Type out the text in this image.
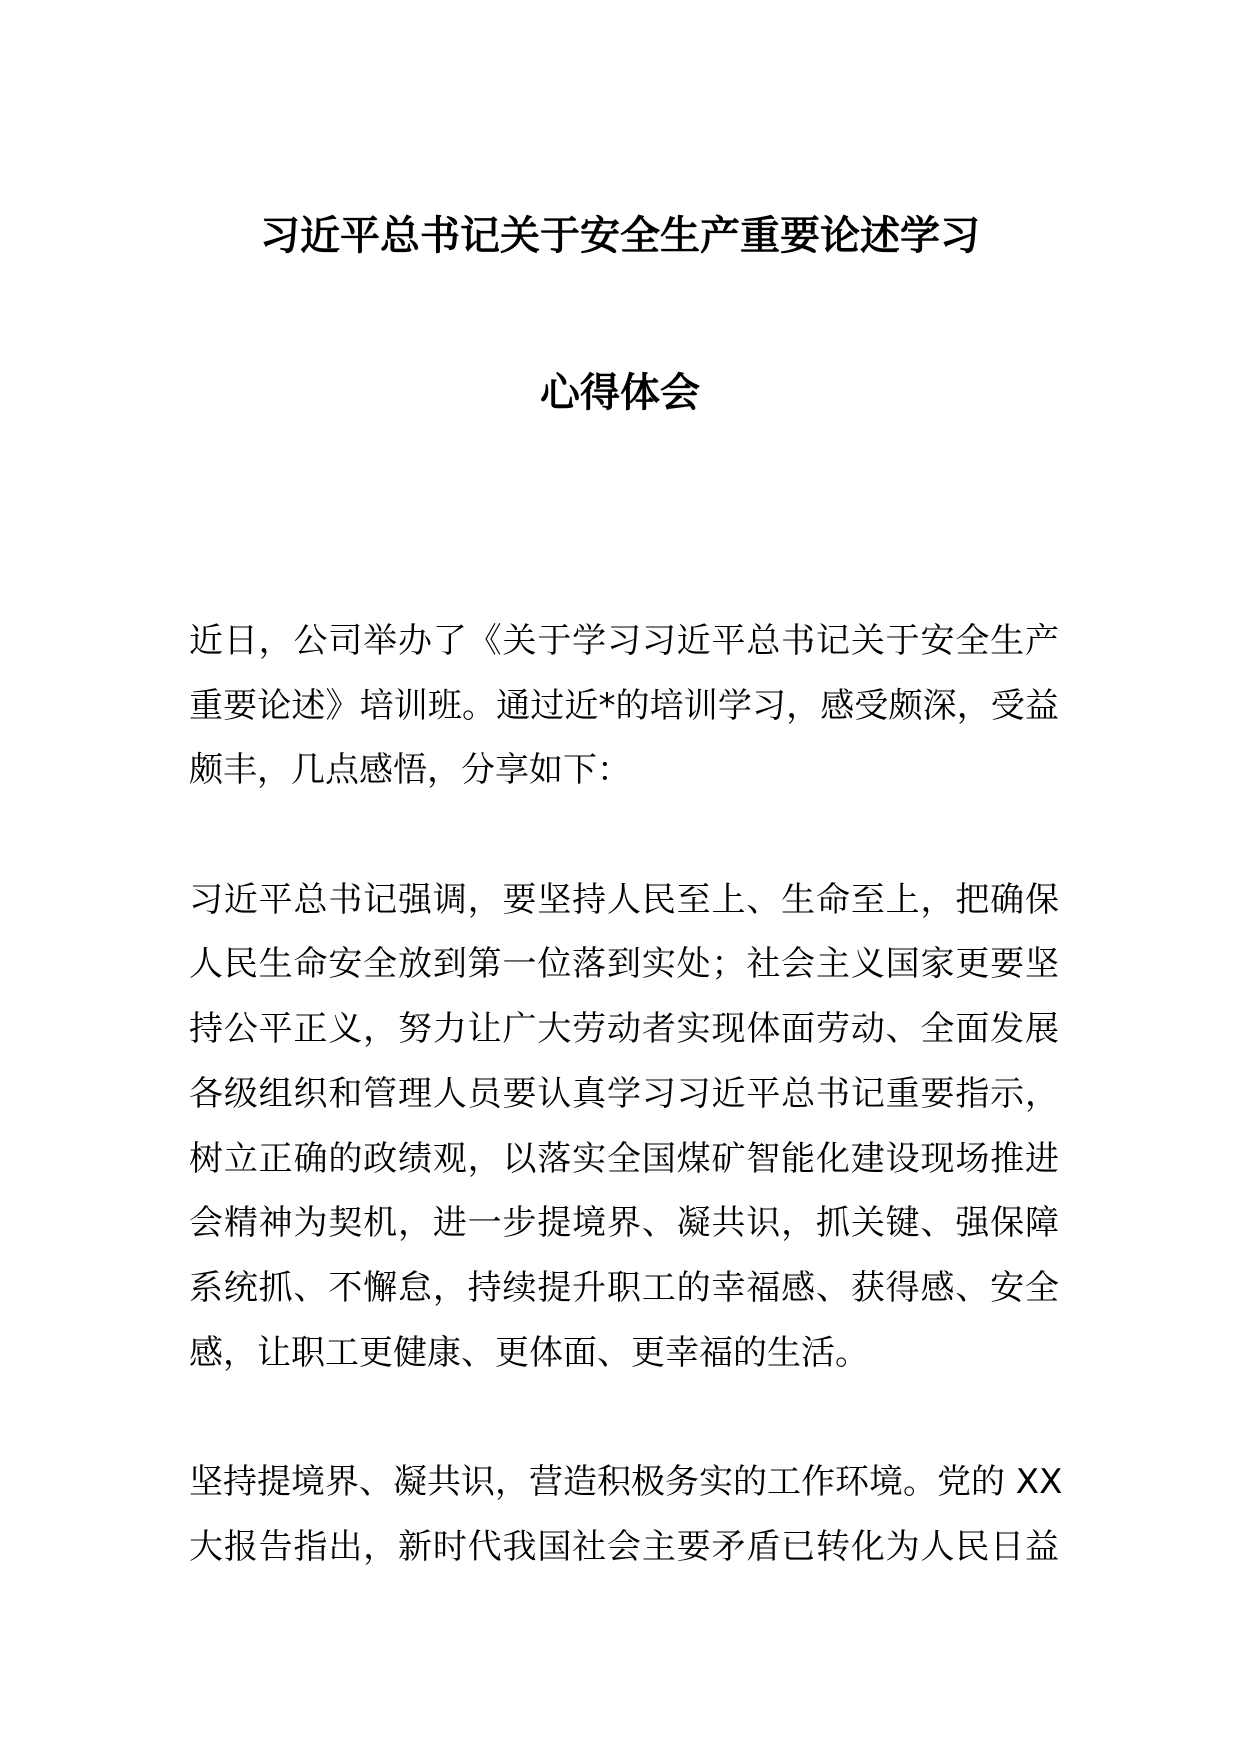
习近平总书记关于安全生产重要论述学习
心得体会
近日，公司举办了《关于学习习近平总书记关于安全生产
重要论述》培训班。通过近*的培训学习，感受颇深，受益
颇丰，几点感悟，分享如下：
习近平总书记强调，要坚持人民至上、生命至上，把确保
人民生命安全放到第一位落到实处；社会主义国家更要坚
持公平正义，努力让广大劳动者实现体面劳动、全面发展
各级组织和管理人员要认真学习习近平总书记重要指示，
树立正确的政绩观，以落实全国煤矿智能化建设现场推进
会精神为契机，进一步提境界、凝共识，抓关键、强保障
系统抓、不懈怠，持续提升职工的幸福感、获得感、安全
感，让职工更健康、更体面、更幸福的生活。
坚持提境界、凝共识，营造积极务实的工作环境。党的 XX
大报告指出，新时代我国社会主要矛盾已转化为人民日益
